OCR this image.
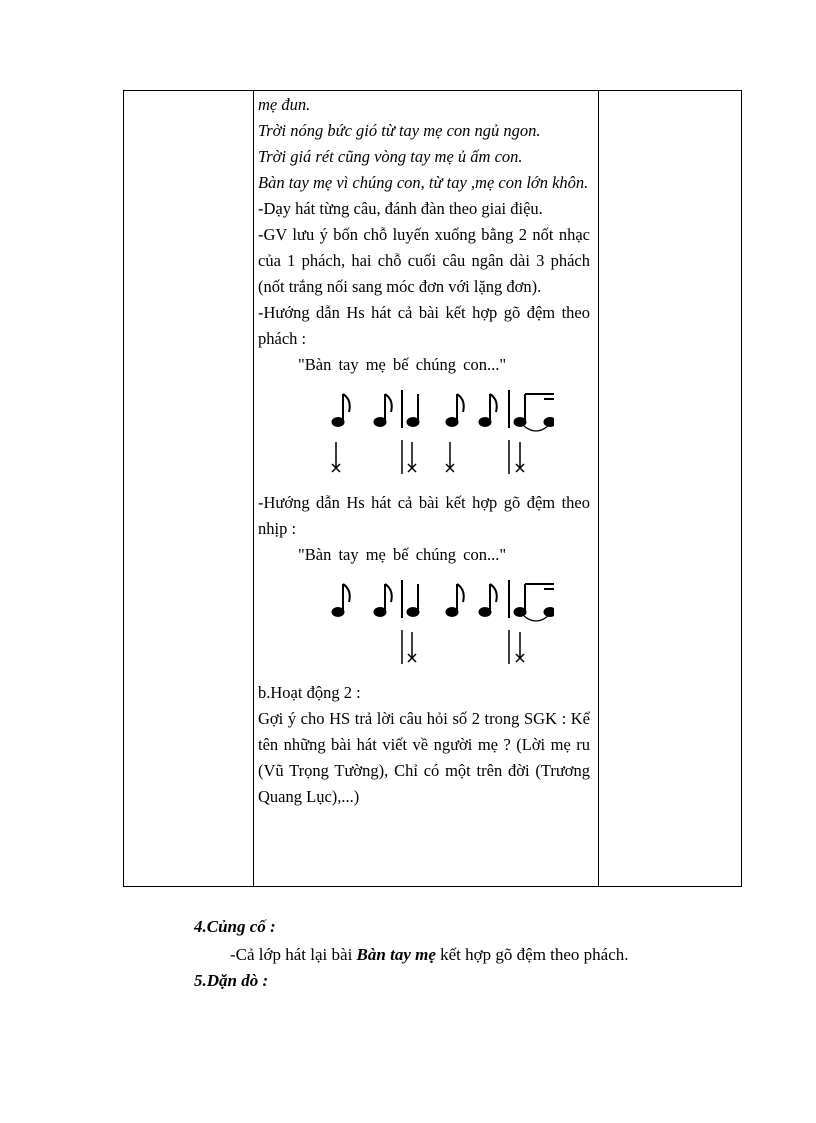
mẹ đun.

Trời nóng bức gió từ tay mẹ con ngủ ngon.

Trời giá rét cũng vòng tay mẹ ủ ấm con.

Bàn tay mẹ vì chúng con, từ tay ,mẹ con lớn khôn.

-Dạy hát từng câu, đánh đàn theo giai điệu.

-GV lưu ý bốn chỗ luyến xuống bằng 2 nốt nhạc của 1 phách, hai chỗ cuối câu ngân dài 3 phách (nốt trắng nối sang móc đơn với lặng đơn).

-Hướng dẫn Hs hát cả bài kết hợp gõ đệm theo phách :

"Bàn tay mẹ bế chúng con..."

-Hướng dẫn Hs hát cả bài kết hợp gõ đệm theo nhịp :

"Bàn tay mẹ bế chúng con..."

b.Hoạt động 2 :

Gợi ý cho HS trả lời câu hỏi số 2 trong SGK : Kể tên những bài hát viết về người mẹ ? (Lời mẹ ru (Vũ Trọng Tường), Chỉ có một trên đời (Trương Quang Lục),...)

4.Củng cố :
-Cả lớp hát lại bài Bàn tay mẹ kết hợp gõ đệm theo phách.
5.Dặn dò :
